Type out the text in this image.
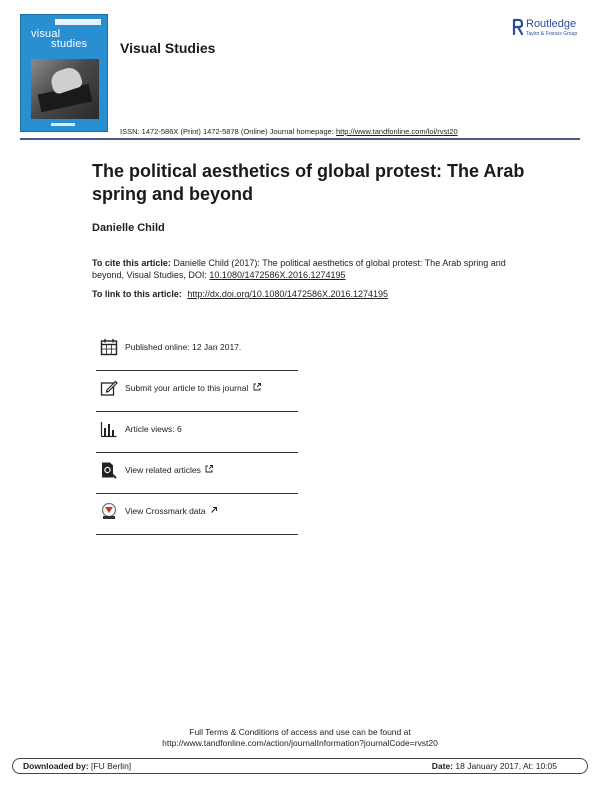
visual
studies Visual Studies
Routledge
Taylor & Francis Group
ISSN: 1472-586X (Print) 1472-5878 (Online) Journal homepage: http://www.tandfonline.com/loi/rvst20
The political aesthetics of global protest: The Arab spring and beyond
Danielle Child
To cite this article: Danielle Child (2017): The political aesthetics of global protest: The Arab spring and beyond, Visual Studies, DOI: 10.1080/1472586X.2016.1274195
To link to this article: http://dx.doi.org/10.1080/1472586X.2016.1274195
Published online: 12 Jan 2017.
Submit your article to this journal
Article views: 6
View related articles
View Crossmark data
Full Terms & Conditions of access and use can be found at
http://www.tandfonline.com/action/journalInformation?journalCode=rvst20
Downloaded by: [FU Berlin]	Date: 18 January 2017, At: 10:05
